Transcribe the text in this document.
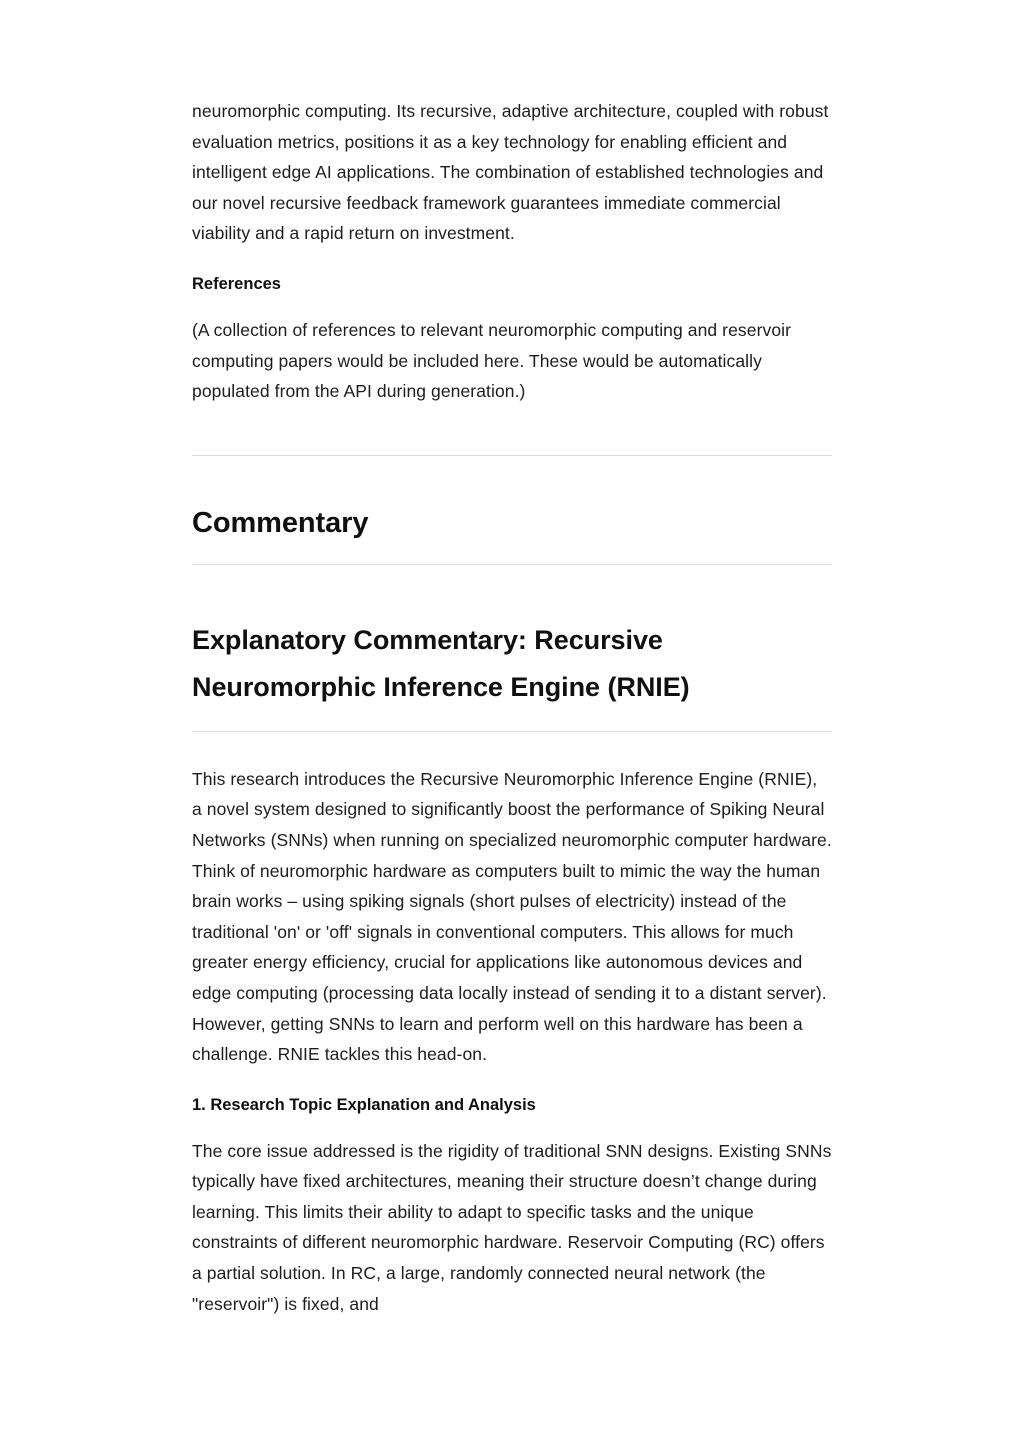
neuromorphic computing. Its recursive, adaptive architecture, coupled with robust evaluation metrics, positions it as a key technology for enabling efficient and intelligent edge AI applications. The combination of established technologies and our novel recursive feedback framework guarantees immediate commercial viability and a rapid return on investment.

References

(A collection of references to relevant neuromorphic computing and reservoir computing papers would be included here. These would be automatically populated from the API during generation.)

Commentary
Explanatory Commentary: Recursive Neuromorphic Inference Engine (RNIE)

This research introduces the Recursive Neuromorphic Inference Engine (RNIE), a novel system designed to significantly boost the performance of Spiking Neural Networks (SNNs) when running on specialized neuromorphic computer hardware. Think of neuromorphic hardware as computers built to mimic the way the human brain works – using spiking signals (short pulses of electricity) instead of the traditional 'on' or 'off' signals in conventional computers. This allows for much greater energy efficiency, crucial for applications like autonomous devices and edge computing (processing data locally instead of sending it to a distant server). However, getting SNNs to learn and perform well on this hardware has been a challenge. RNIE tackles this head-on.

1. Research Topic Explanation and Analysis

The core issue addressed is the rigidity of traditional SNN designs. Existing SNNs typically have fixed architectures, meaning their structure doesn’t change during learning. This limits their ability to adapt to specific tasks and the unique constraints of different neuromorphic hardware. Reservoir Computing (RC) offers a partial solution. In RC, a large, randomly connected neural network (the "reservoir") is fixed, and
